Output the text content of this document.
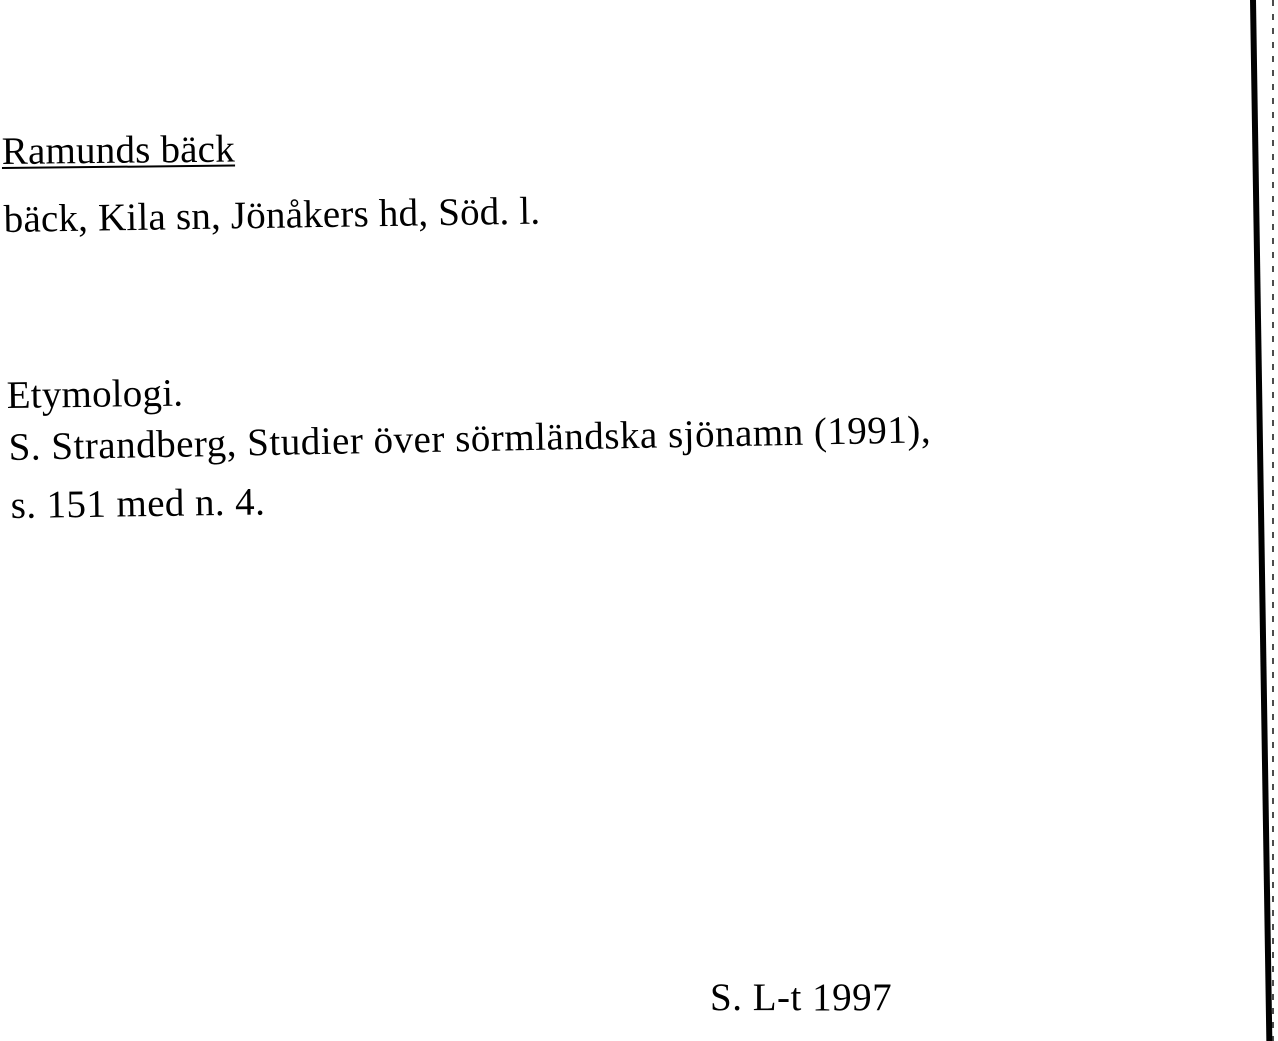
Ramunds bäck
bäck, Kila sn, Jönåkers hd, Söd. l.
Etymologi.
S. Strandberg, Studier över sörmländska sjönamn (1991),
s. 151 med n. 4.
S. L-t 1997
